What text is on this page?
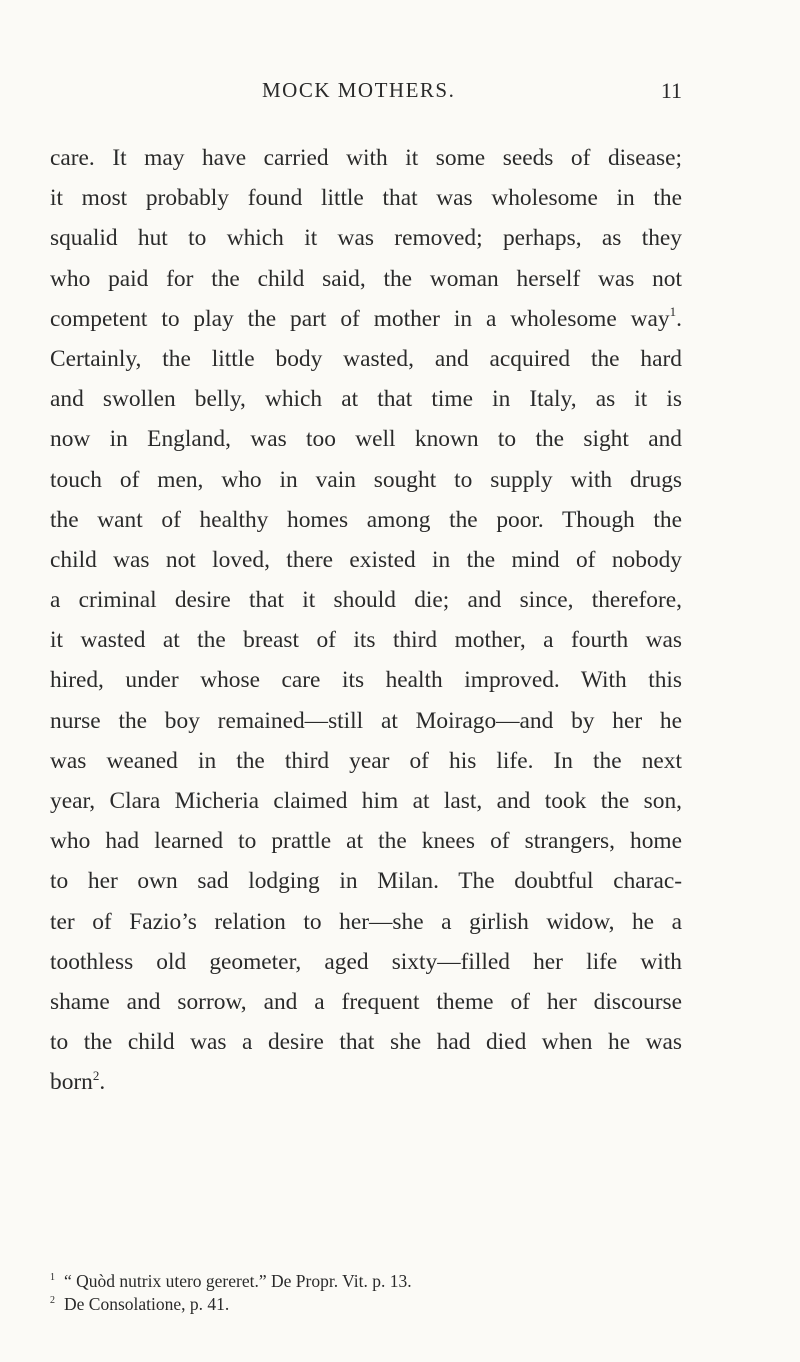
MOCK MOTHERS.	11
care. It may have carried with it some seeds of disease;
it most probably found little that was wholesome in the
squalid hut to which it was removed; perhaps, as they
who paid for the child said, the woman herself was not
competent to play the part of mother in a wholesome way$^1$.
Certainly, the little body wasted, and acquired the hard
and swollen belly, which at that time in Italy, as it is
now in England, was too well known to the sight and
touch of men, who in vain sought to supply with drugs
the want of healthy homes among the poor. Though the
child was not loved, there existed in the mind of nobody
a criminal desire that it should die; and since, therefore,
it wasted at the breast of its third mother, a fourth was
hired, under whose care its health improved. With this
nurse the boy remained—still at Moirago—and by her he
was weaned in the third year of his life. In the next
year, Clara Micheria claimed him at last, and took the son,
who had learned to prattle at the knees of strangers, home
to her own sad lodging in Milan. The doubtful charac-
ter of Fazio’s relation to her—she a girlish widow, he a
toothless old geometer, aged sixty—filled her life with
shame and sorrow, and a frequent theme of her discourse
to the child was a desire that she had died when he was
born$^2$.
1 “ Quòd nutrix utero gereret.” De Propr. Vit. p. 13.
2 De Consolatione, p. 41.
